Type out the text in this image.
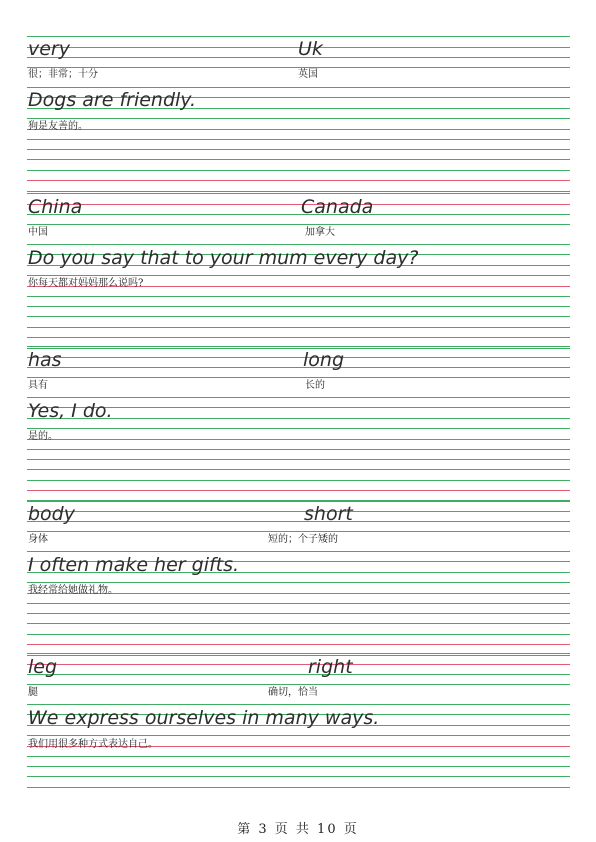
very

很；非常；十分

Uk

英国

Dogs are friendly.

狗是友善的。

China

中国

Canada

加拿大

Do you say that to your mum every day?

你每天都对妈妈那么说吗?

has

具有

long

长的

Yes, I do.

是的。

body

身体

short

短的；个子矮的

I often make her gifts.

我经常给她做礼物。

leg

腿

right

确切，恰当

We express ourselves in many ways.

我们用很多种方式表达自己。

第 3 页 共 10 页
